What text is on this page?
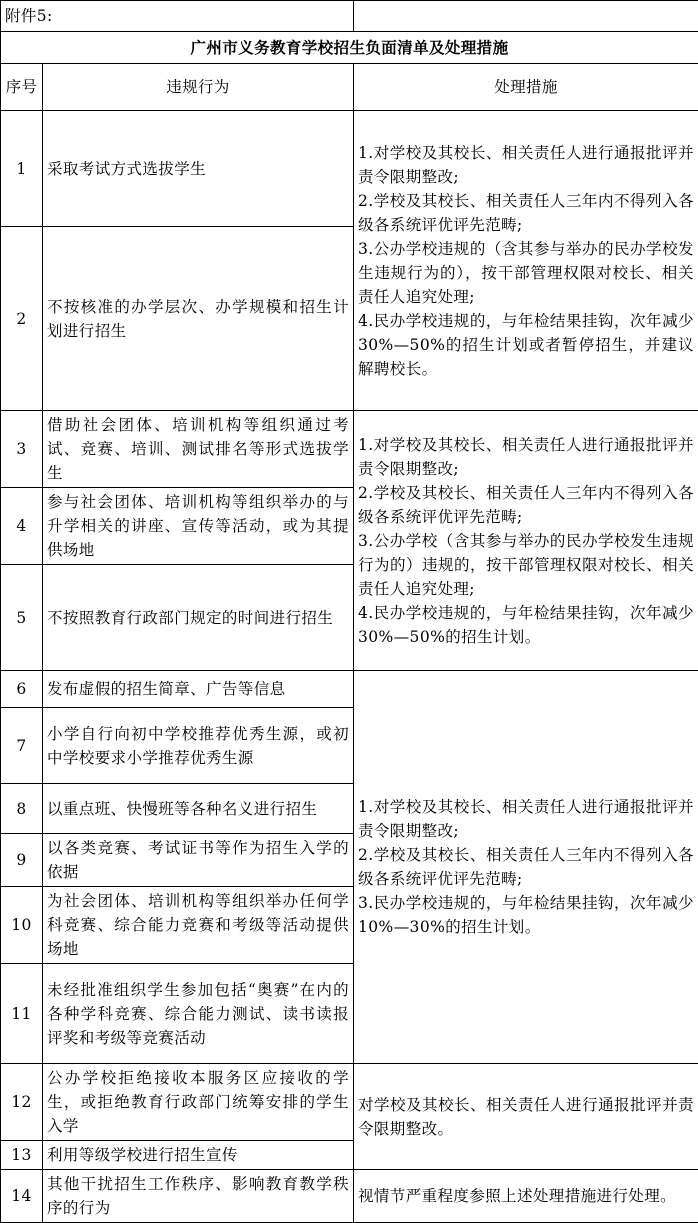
附件5:		
广州市义务教育学校招生负面清单及处理措施		
序号	违规行为	处理措施
1	采取考试方式选拔学生	1.对学校及其校长、相关责任人进行通报批评并责令限期整改;
2.学校及其校长、相关责任人三年内不得列入各级各系统评优评先范畴;
3.公办学校违规的（含其参与举办的民办学校发生违规行为的），按干部管理权限对校长、相关责任人追究处理;
4.民办学校违规的，与年检结果挂钩，次年减少30%—50%的招生计划或者暂停招生，并建议解聘校长。

2	不按核准的办学层次、办学规模和招生计划进行招生	
3	借助社会团体、培训机构等组织通过考试、竞赛、培训、测试排名等形式选拔学生	1.对学校及其校长、相关责任人进行通报批评并责令限期整改;
2.学校及其校长、相关责任人三年内不得列入各级各系统评优评先范畴;
3.公办学校（含其参与举办的民办学校发生违规行为的）违规的，按干部管理权限对校长、相关责任人追究处理;
4.民办学校违规的，与年检结果挂钩，次年减少30%—50%的招生计划。

4	参与社会团体、培训机构等组织举办的与升学相关的讲座、宣传等活动，或为其提供场地	
5	不按照教育行政部门规定的时间进行招生	
6	发布虚假的招生简章、广告等信息	1.对学校及其校长、相关责任人进行通报批评并责令限期整改;
2.学校及其校长、相关责任人三年内不得列入各级各系统评优评先范畴;
3.民办学校违规的，与年检结果挂钩，次年减少10%—30%的招生计划。

7	小学自行向初中学校推荐优秀生源，或初中学校要求小学推荐优秀生源	
8	以重点班、快慢班等各种名义进行招生	
9	以各类竞赛、考试证书等作为招生入学的依据	
10	为社会团体、培训机构等组织举办任何学科竞赛、综合能力竞赛和考级等活动提供场地	
11	未经批准组织学生参加包括“奥赛”在内的各种学科竞赛、综合能力测试、读书读报评奖和考级等竞赛活动	
12	公办学校拒绝接收本服务区应接收的学生，或拒绝教育行政部门统筹安排的学生入学	对学校及其校长、相关责任人进行通报批评并责令限期整改。
13	利用等级学校进行招生宣传	
14	其他干扰招生工作秩序、影响教育教学秩序的行为	视情节严重程度参照上述处理措施进行处理。
